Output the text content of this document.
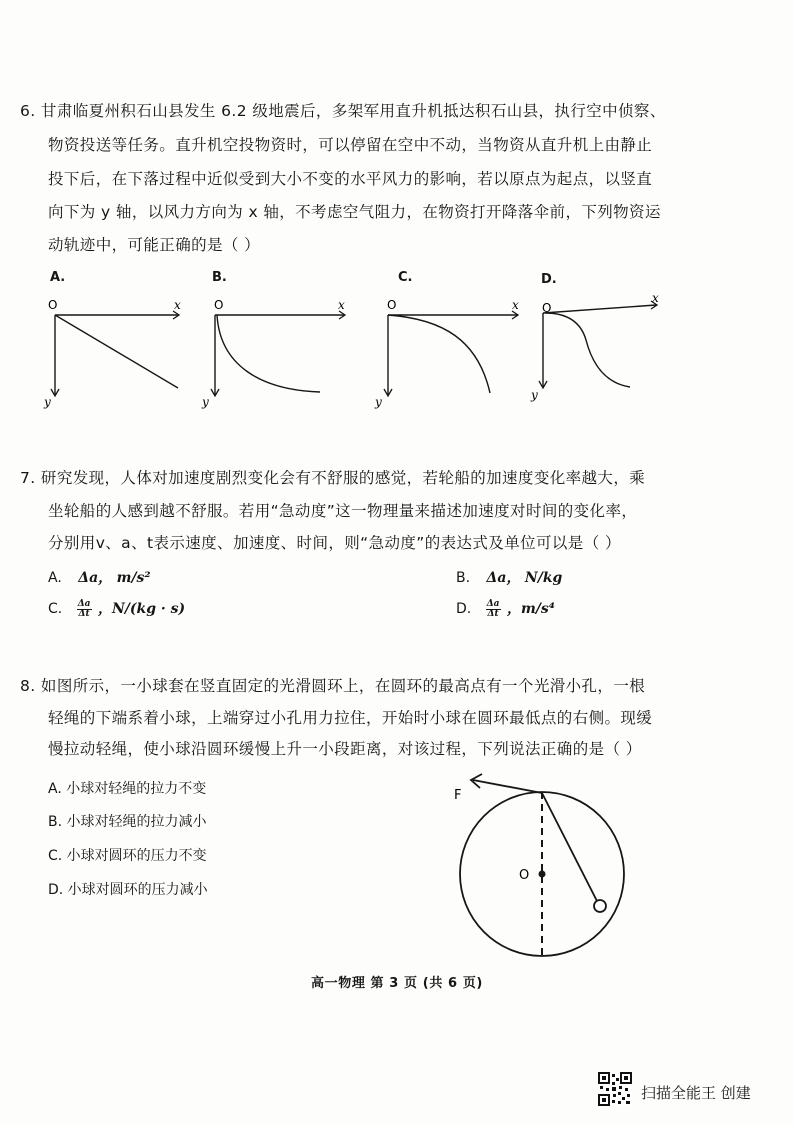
6. 甘肃临夏州积石山县发生 6.2 级地震后，多架军用直升机抵达积石山县，执行空中侦察、
物资投送等任务。直升机空投物资时，可以停留在空中不动，当物资从直升机上由静止
投下后，在下落过程中近似受到大小不变的水平风力的影响，若以原点为起点，以竖直
向下为 y 轴，以风力方向为 x 轴，不考虑空气阻力，在物资打开降落伞前，下列物资运
动轨迹中，可能正确的是（ ）
A.
O	x
y
B.
O	x
y
C.
O	x
y
D.
O
x
y
7. 研究发现，人体对加速度剧烈变化会有不舒服的感觉，若轮船的加速度变化率越大，乘
坐轮船的人感到越不舒服。若用“急动度”这一物理量来描述加速度对时间的变化率，
分别用v、a、t表示速度、加速度、时间，则“急动度”的表达式及单位可以是（ ）
A. Δa， m/s²	B. Δa， N/kg
C. $\frac{\Delta a}{\Delta t}$ ，N/(kg · s)	D. $\frac{\Delta a}{\Delta t}$ ，m/s⁴
8. 如图所示，一小球套在竖直固定的光滑圆环上，在圆环的最高点有一个光滑小孔，一根
轻绳的下端系着小球，上端穿过小孔用力拉住，开始时小球在圆环最低点的右侧。现缓
慢拉动轻绳，使小球沿圆环缓慢上升一小段距离，对该过程，下列说法正确的是（ ）
A. 小球对轻绳的拉力不变
B. 小球对轻绳的拉力减小
C. 小球对圆环的压力不变
D. 小球对圆环的压力减小
F
O
高一物理 第 3 页 (共 6 页)
扫描全能王 创建
